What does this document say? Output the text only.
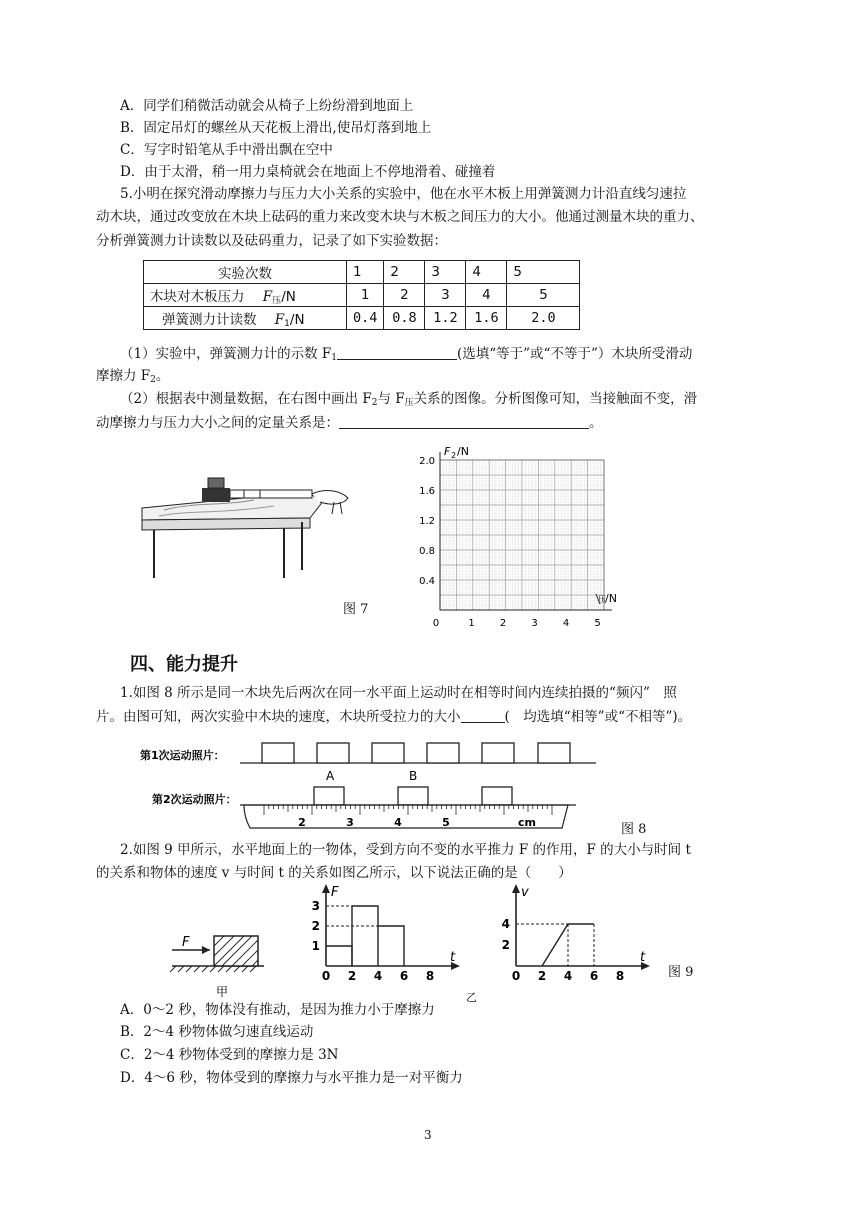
A．同学们稍微活动就会从椅子上纷纷滑到地面上
B．固定吊灯的螺丝从天花板上滑出,使吊灯落到地上
C．写字时铅笔从手中滑出飘在空中
D．由于太滑，稍一用力桌椅就会在地面上不停地滑着、碰撞着
5.小明在探究滑动摩擦力与压力大小关系的实验中，他在水平木板上用弹簧测力计沿直线匀速拉
动木块，通过改变放在木块上砝码的重力来改变木块与木板之间压力的大小。他通过测量木块的重力、
分析弹簧测力计读数以及砝码重力，记录了如下实验数据：
实验次数	1	2	3	4	5
木块对木板压力 $F_压/N$	1	2	3	4	5
弹簧测力计读数 $F_1/N$	0.4	0.8	1.2	1.6	2.0
（1）实验中，弹簧测力计的示数 $F_1$	(选填“等于”或“不等于”）木块所受滑动
摩擦力 $F_2$。
（2）根据表中测量数据，在右图中画出 $F_2$与 $F_压$关系的图像。分析图像可知，当接触面不变，滑
动摩擦力与压力大小之间的定量关系是：	。
图 7
0.4
0.8
1.2
1.6
2.0
0	1	2	3	4	5
F 2 /N
压 /N
四、能力提升
1.如图 8 所示是同一木块先后两次在同一水平面上运动时在相等时间内连续拍摄的“频闪”　照
片。由图可知，两次实验中木块的速度，木块所受拉力的大小	(　均选填“相等”或“不相等”)。
2	3	4	5	cm
第1次运动照片：
第2次运动照片：
A	B
图 8
2.如图 9 甲所示，水平地面上的一物体，受到方向不变的水平推力 F 的作用，F 的大小与时间 t
的关系和物体的速度 v 与时间 t 的关系如图乙所示，以下说法正确的是（　　）
F
甲
0 2 4 6 8
1
2
3
F
t
0 2 4 6 8
2
4
v
t
乙
图 9
A．0～2 秒，物体没有推动，是因为推力小于摩擦力
B．2～4 秒物体做匀速直线运动
C．2～4 秒物体受到的摩擦力是 3N
D．4～6 秒，物体受到的摩擦力与水平推力是一对平衡力
3
